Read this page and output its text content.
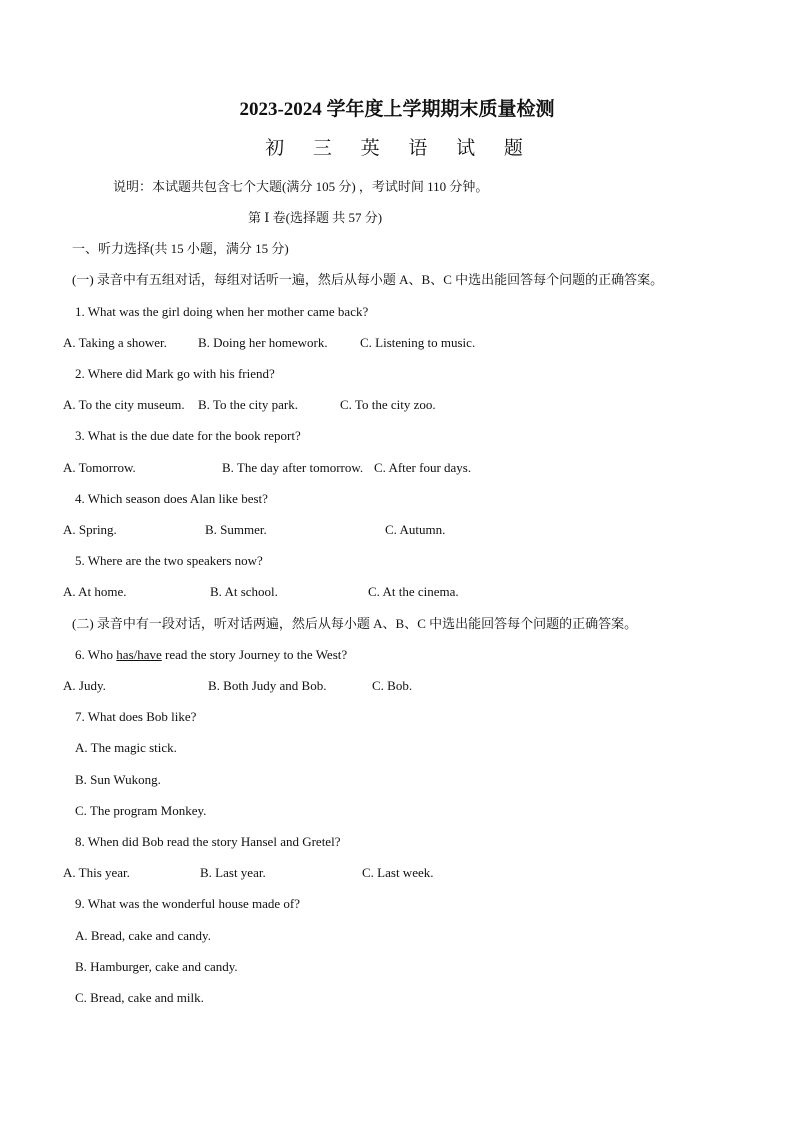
2023-2024 学年度上学期期末质量检测
初 三 英 语 试 题
说明：本试题共包含七个大题(满分 105 分) ，考试时间 110 分钟。
第 Ⅰ 卷(选择题 共 57 分)
一、听力选择(共 15 小题，满分 15 分)
(一) 录音中有五组对话，每组对话听一遍，然后从每小题 A、B、C 中选出能回答每个问题的正确答案。
1. What was the girl doing when her mother came back?
A. Taking a shower. B. Doing her homework. C. Listening to music.
2. Where did Mark go with his friend?
A. To the city museum. B. To the city park.	C. To the city zoo.
3. What is the due date for the book report?
A. Tomorrow.	B. The day after tomorrow. C. After four days.
4. Which season does Alan like best?
A. Spring.	B. Summer.	C. Autumn.
5. Where are the two speakers now?
A. At home.	B. At school.	C. At the cinema.
(二) 录音中有一段对话，听对话两遍，然后从每小题 A、B、C 中选出能回答每个问题的正确答案。
6. Who has/have read the story Journey to the West?
A. Judy.	B. Both Judy and Bob.	C. Bob.
7. What does Bob like?
A. The magic stick.
B. Sun Wukong.
C. The program Monkey.
8. When did Bob read the story Hansel and Gretel?
A. This year.	B. Last year.	C. Last week.
9. What was the wonderful house made of?
A. Bread, cake and candy.
B. Hamburger, cake and candy.
C. Bread, cake and milk.
